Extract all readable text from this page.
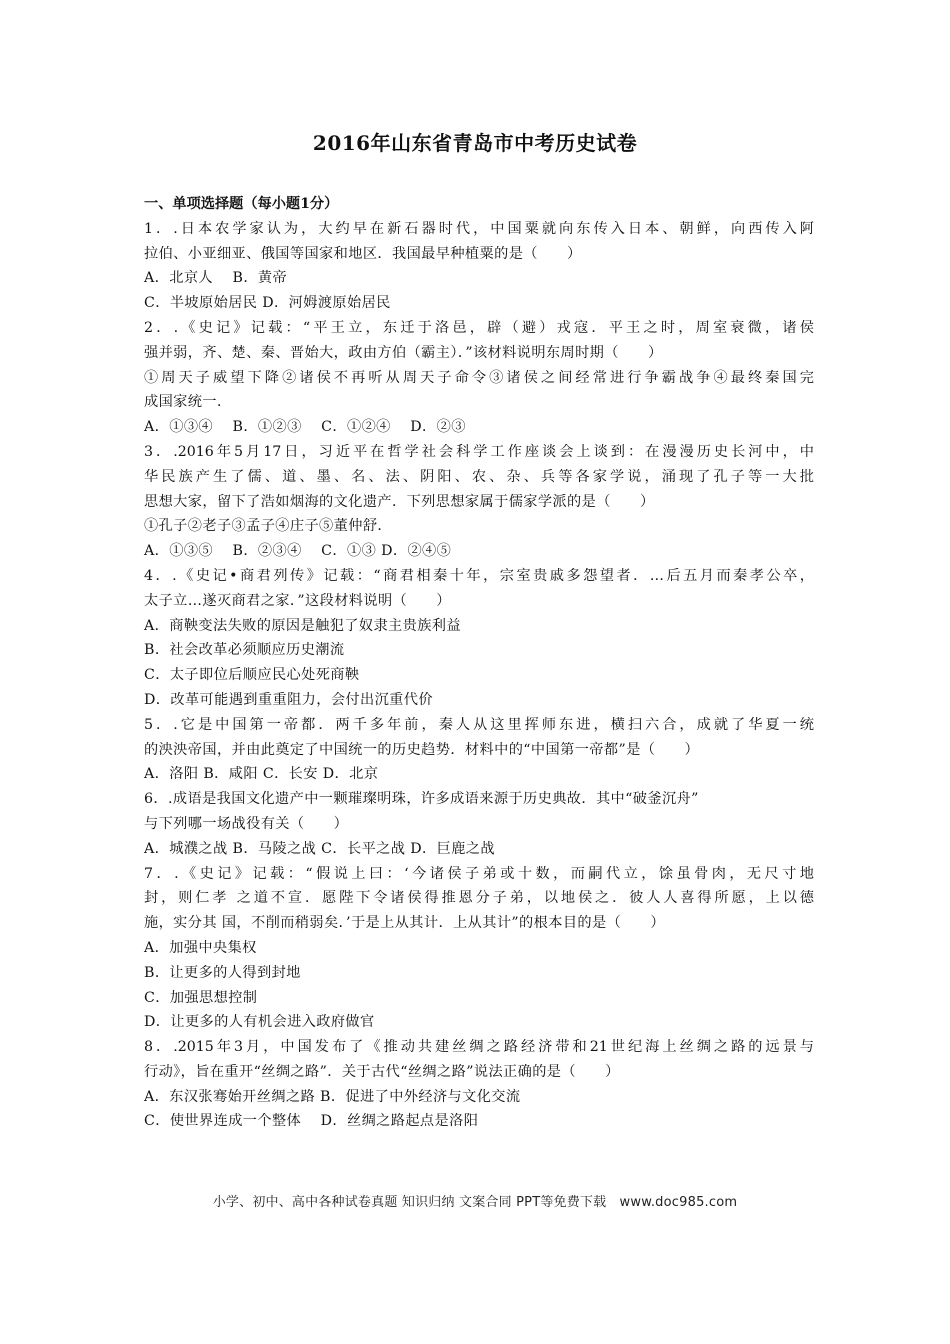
2016年山东省青岛市中考历史试卷
一、单项选择题（每小题1分）
1．.日本农学家认为，大约早在新石器时代，中国粟就向东传入日本、朝鲜，向西传入阿
拉伯、小亚细亚、俄国等国家和地区．我国最早种植粟的是（　　）
A．北京人　 B．黄帝
C．半坡原始居民 D．河姆渡原始居民
2．.《史记》记载：“平王立，东迁于洛邑，辟（避）戎寇．平王之时，周室衰微，诸侯
强并弱，齐、楚、秦、晋始大，政由方伯（霸主）．”该材料说明东周时期（　　）
①周天子威望下降②诸侯不再听从周天子命令③诸侯之间经常进行争霸战争④最终秦国完
成国家统一．
A．①③④　 B．①②③　 C．①②④　 D．②③
3．.2016年5月17日，习近平在哲学社会科学工作座谈会上谈到：在漫漫历史长河中，中
华民族产生了儒、道、墨、名、法、阴阳、农、杂、兵等各家学说，涌现了孔子等一大批
思想大家，留下了浩如烟海的文化遗产．下列思想家属于儒家学派的是（　　）
①孔子②老子③孟子④庄子⑤董仲舒．
A．①③⑤　 B．②③④　 C．①③ D．②④⑤
4．.《史记•商君列传》记载：“商君相秦十年，宗室贵戚多怨望者．…后五月而秦孝公卒，
太子立…遂灭商君之家．”这段材料说明（　　）
A．商鞅变法失败的原因是触犯了奴隶主贵族利益
B．社会改革必须顺应历史潮流
C．太子即位后顺应民心处死商鞅
D．改革可能遇到重重阻力，会付出沉重代价
5．.它是中国第一帝都．两千多年前，秦人从这里挥师东进，横扫六合，成就了华夏一统
的泱泱帝国，并由此奠定了中国统一的历史趋势．材料中的“中国第一帝都”是（　　）
A．洛阳 B．咸阳 C．长安 D．北京
6．.成语是我国文化遗产中一颗璀璨明珠，许多成语来源于历史典故．其中“破釜沉舟”
与下列哪一场战役有关（　　）
A．城濮之战 B．马陵之战 C．长平之战 D．巨鹿之战
7．.《史记》记载：“假说上曰：‘今诸侯子弟或十数，而嗣代立，馀虽骨肉，无尺寸地
封，则仁孝 之道不宣．愿陛下令诸侯得推恩分子弟，以地侯之．彼人人喜得所愿，上以德
施，实分其 国，不削而稍弱矣．’于是上从其计．上从其计”的根本目的是（　　）
A．加强中央集权
B．让更多的人得到封地
C．加强思想控制
D．让更多的人有机会进入政府做官
8．.2015年3月，中国发布了《推动共建丝绸之路经济带和21世纪海上丝绸之路的远景与
行动》，旨在重开“丝绸之路”．关于古代“丝绸之路”说法正确的是（　　）
A．东汉张骞始开丝绸之路 B．促进了中外经济与文化交流
C．使世界连成一个整体　 D．丝绸之路起点是洛阳
小学、初中、高中各种试卷真题 知识归纳 文案合同 PPT等免费下载　www.doc985.com
